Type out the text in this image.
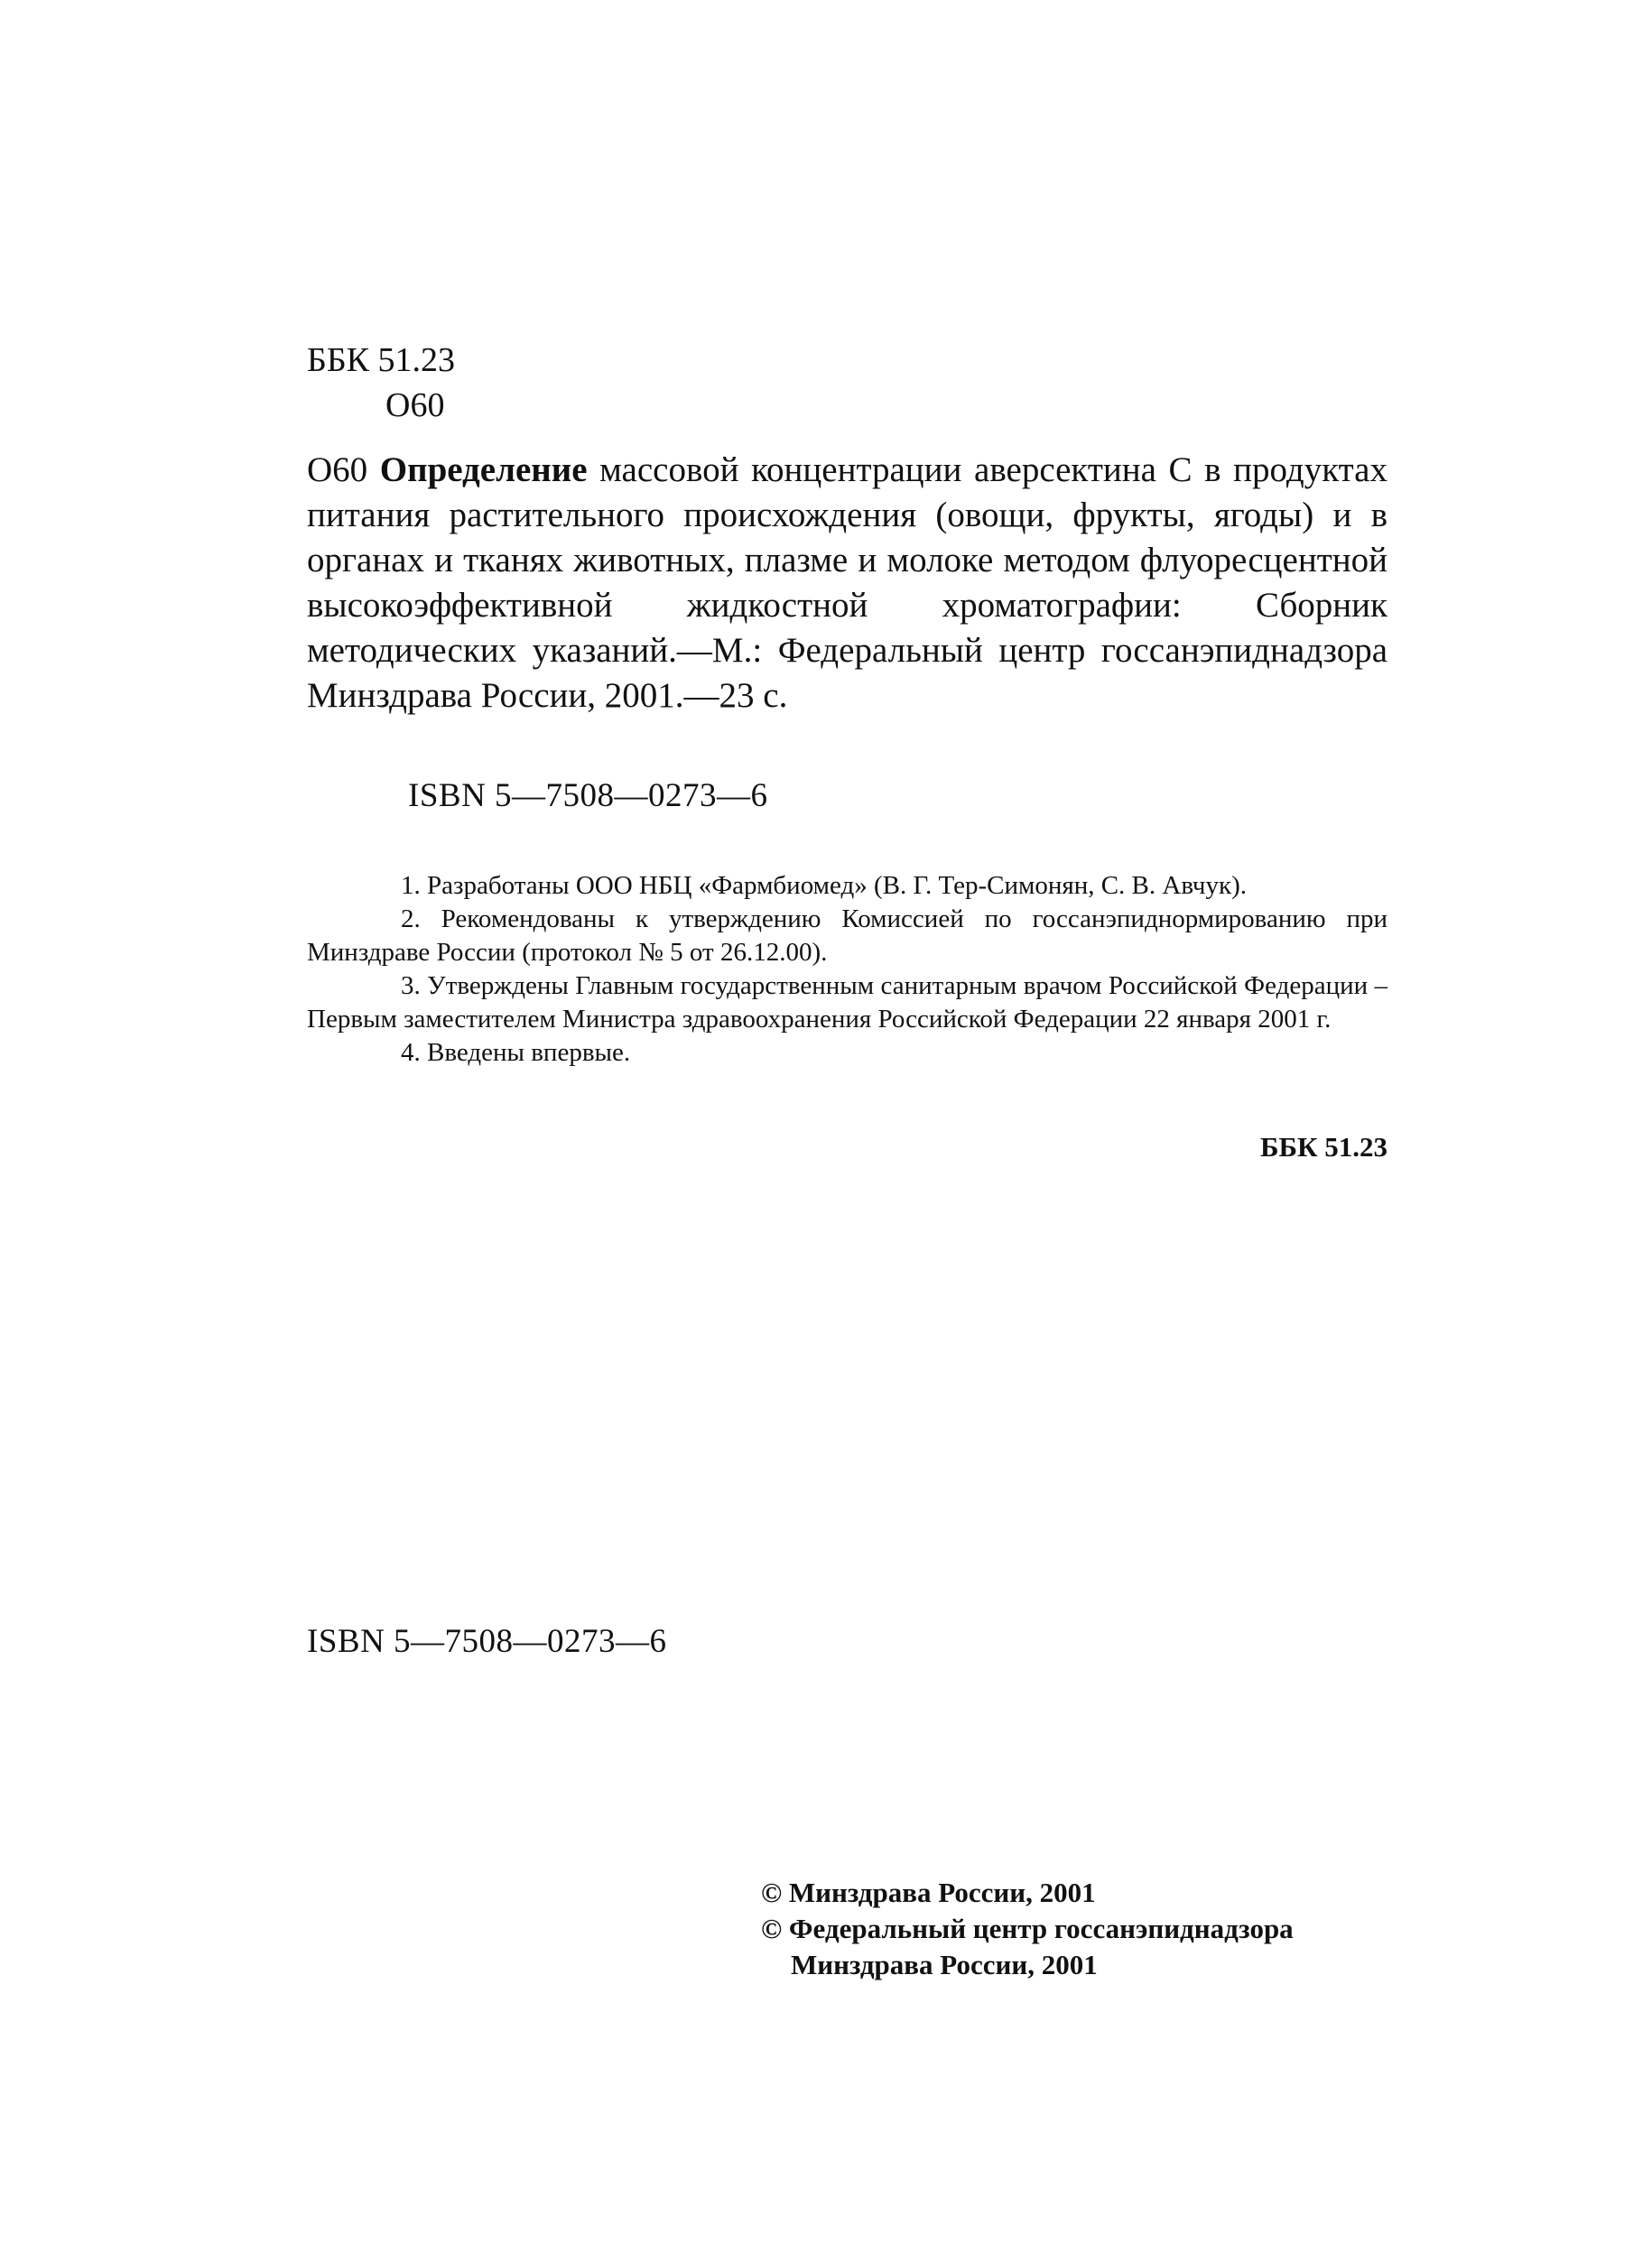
ББК 51.23
О60

О60 Определение массовой концентрации аверсектина С в продуктах питания растительного происхождения (овощи, фрукты, ягоды) и в органах и тканях животных, плазме и молоке методом флуоресцентной высокоэффективной жидкостной хроматографии: Сборник методических указаний.—М.: Федеральный центр госсанэпиднадзора Минздрава России, 2001.—23 с.

ISBN 5—7508—0273—6

1. Разработаны ООО НБЦ «Фармбиомед» (В. Г. Тер-Симонян, С. В. Авчук).

2. Рекомендованы к утверждению Комиссией по госсанэпиднормированию при Минздраве России (протокол № 5 от 26.12.00).

3. Утверждены Главным государственным санитарным врачом Российской Федерации – Первым заместителем Министра здравоохранения Российской Федерации 22 января 2001 г.

4. Введены впервые.

ББК 51.23
ISBN 5—7508—0273—6
© Минздрава России, 2001
© Федеральный центр госсанэпиднадзора
Минздрава России, 2001
